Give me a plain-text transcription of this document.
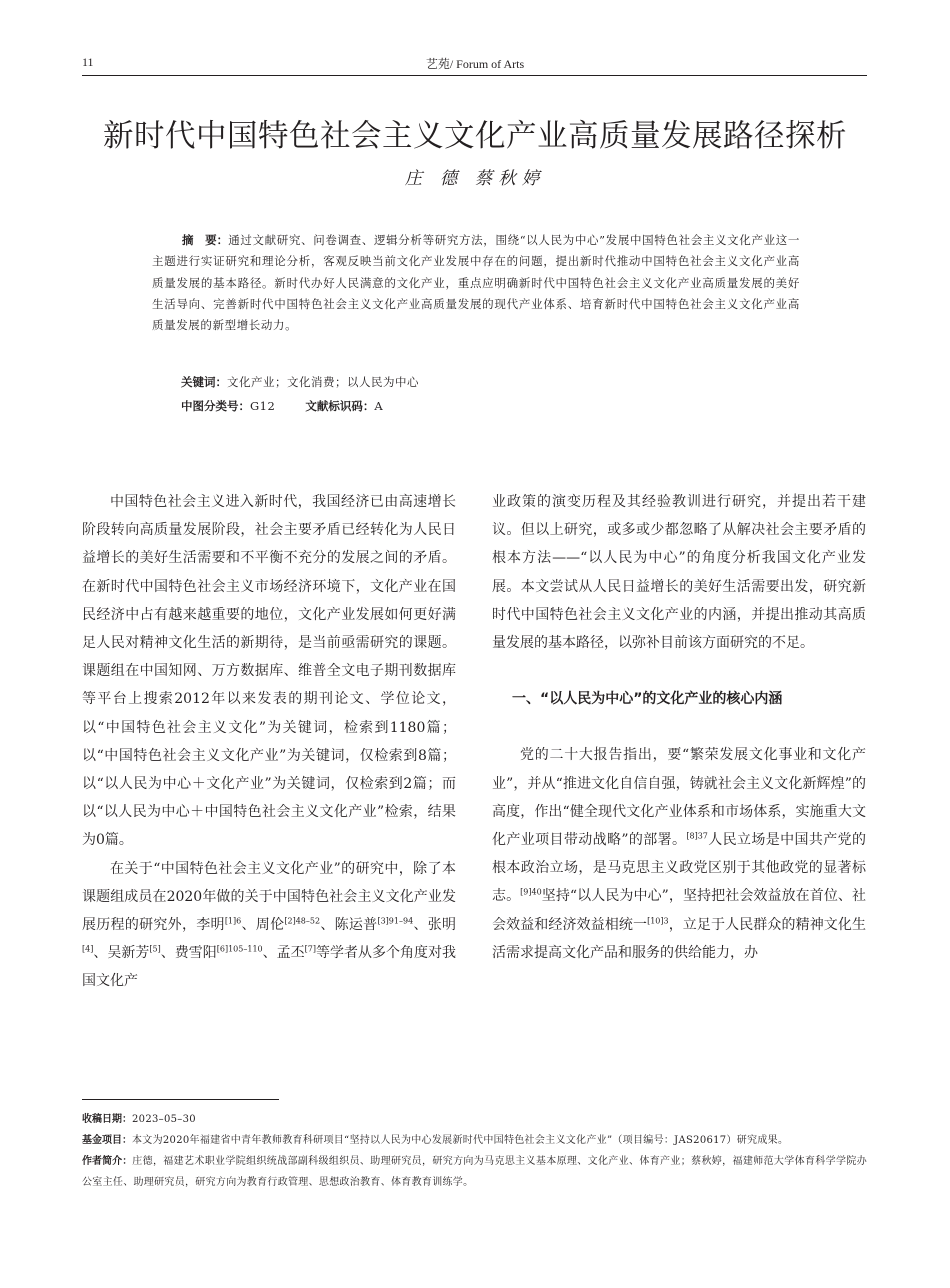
11	艺苑/ Forum of Arts
新时代中国特色社会主义文化产业高质量发展路径探析
庄 德 蔡秋婷
摘　要：通过文献研究、问卷调查、逻辑分析等研究方法，围绕“以人民为中心”发展中国特色社会主义文化产业这一主题进行实证研究和理论分析，客观反映当前文化产业发展中存在的问题，提出新时代推动中国特色社会主义文化产业高质量发展的基本路径。新时代办好人民满意的文化产业，重点应明确新时代中国特色社会主义文化产业高质量发展的美好生活导向、完善新时代中国特色社会主义文化产业高质量发展的现代产业体系、培育新时代中国特色社会主义文化产业高质量发展的新型增长动力。
关键词：文化产业；文化消费；以人民为中心
中图分类号：G12	文献标识码：A

中国特色社会主义进入新时代，我国经济已由高速增长阶段转向高质量发展阶段，社会主要矛盾已经转化为人民日益增长的美好生活需要和不平衡不充分的发展之间的矛盾。在新时代中国特色社会主义市场经济环境下，文化产业在国民经济中占有越来越重要的地位，文化产业发展如何更好满足人民对精神文化生活的新期待，是当前亟需研究的课题。课题组在中国知网、万方数据库、维普全文电子期刊数据库等平台上搜索2012年以来发表的期刊论文、学位论文，以“中国特色社会主义文化”为关键词，检索到1180篇；以“中国特色社会主义文化产业”为关键词，仅检索到8篇；以“以人民为中心＋文化产业”为关键词，仅检索到2篇；而以“以人民为中心＋中国特色社会主义文化产业”检索，结果为0篇。

在关于“中国特色社会主义文化产业”的研究中，除了本课题组成员在2020年做的关于中国特色社会主义文化产业发展历程的研究外，李明$^{[1]6}$、周伦$^{[2]48-52}$、陈运普$^{[3]91-94}$、张明[4]、吴新芳[5]、费雪阳$^{[6]105-110}$、孟丕[7]等学者从多个角度对我国文化产

业政策的演变历程及其经验教训进行研究，并提出若干建议。但以上研究，或多或少都忽略了从解决社会主要矛盾的根本方法——“以人民为中心”的角度分析我国文化产业发展。本文尝试从人民日益增长的美好生活需要出发，研究新时代中国特色社会主义文化产业的内涵，并提出推动其高质量发展的基本路径，以弥补目前该方面研究的不足。

一、“以人民为中心”的文化产业的核心内涵

党的二十大报告指出，要“繁荣发展文化事业和文化产业”，并从“推进文化自信自强，铸就社会主义文化新辉煌”的高度，作出“健全现代文化产业体系和市场体系，实施重大文化产业项目带动战略”的部署。$^{[8]37}$人民立场是中国共产党的根本政治立场，是马克思主义政党区别于其他政党的显著标志。$^{[9]40}$坚持“以人民为中心”，坚持把社会效益放在首位、社会效益和经济效益相统一$^{[10]3}$，立足于人民群众的精神文化生活需求提高文化产品和服务的供给能力，办

收稿日期：2023–05–30

基金项目：本文为2020年福建省中青年教师教育科研项目“坚持以人民为中心发展新时代中国特色社会主义文化产业”（项目编号：JAS20617）研究成果。

作者简介：庄德，福建艺术职业学院组织统战部副科级组织员、助理研究员，研究方向为马克思主义基本原理、文化产业、体育产业；蔡秋婷，福建师范大学体育科学学院办公室主任、助理研究员，研究方向为教育行政管理、思想政治教育、体育教育训练学。
